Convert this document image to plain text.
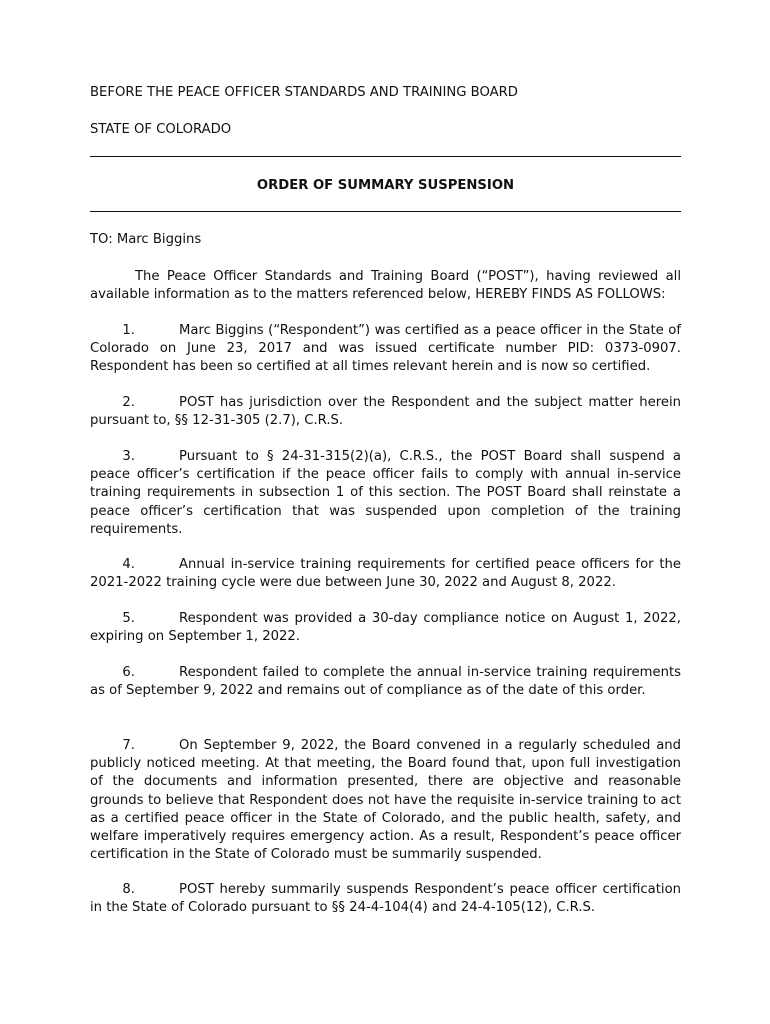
BEFORE THE PEACE OFFICER STANDARDS AND TRAINING BOARD

STATE OF COLORADO

ORDER OF SUMMARY SUSPENSION

TO: Marc Biggins

The Peace Officer Standards and Training Board (“POST”), having reviewed all available information as to the matters referenced below, HEREBY FINDS AS FOLLOWS:

1.	Marc Biggins (“Respondent”) was certified as a peace officer in the State of Colorado on June 23, 2017 and was issued certificate number PID: 0373-0907. Respondent has been so certified at all times relevant herein and is now so certified.

2.	POST has jurisdiction over the Respondent and the subject matter herein pursuant to, §§ 12-31-305 (2.7), C.R.S.

3.	Pursuant to § 24-31-315(2)(a), C.R.S., the POST Board shall suspend a peace officer’s certification if the peace officer fails to comply with annual in-service training requirements in subsection 1 of this section. The POST Board shall reinstate a peace officer’s certification that was suspended upon completion of the training requirements.

4.	Annual in-service training requirements for certified peace officers for the 2021-2022 training cycle were due between June 30, 2022 and August 8, 2022.

5.	Respondent was provided a 30-day compliance notice on August 1, 2022, expiring on September 1, 2022.

6.	Respondent failed to complete the annual in-service training requirements as of September 9, 2022 and remains out of compliance as of the date of this order.

7.	On September 9, 2022, the Board convened in a regularly scheduled and publicly noticed meeting. At that meeting, the Board found that, upon full investigation of the documents and information presented, there are objective and reasonable grounds to believe that Respondent does not have the requisite in-service training to act as a certified peace officer in the State of Colorado, and the public health, safety, and welfare imperatively requires emergency action. As a result, Respondent’s peace officer certification in the State of Colorado must be summarily suspended.

8.	POST hereby summarily suspends Respondent’s peace officer certification in the State of Colorado pursuant to §§ 24-4-104(4) and 24-4-105(12), C.R.S.
